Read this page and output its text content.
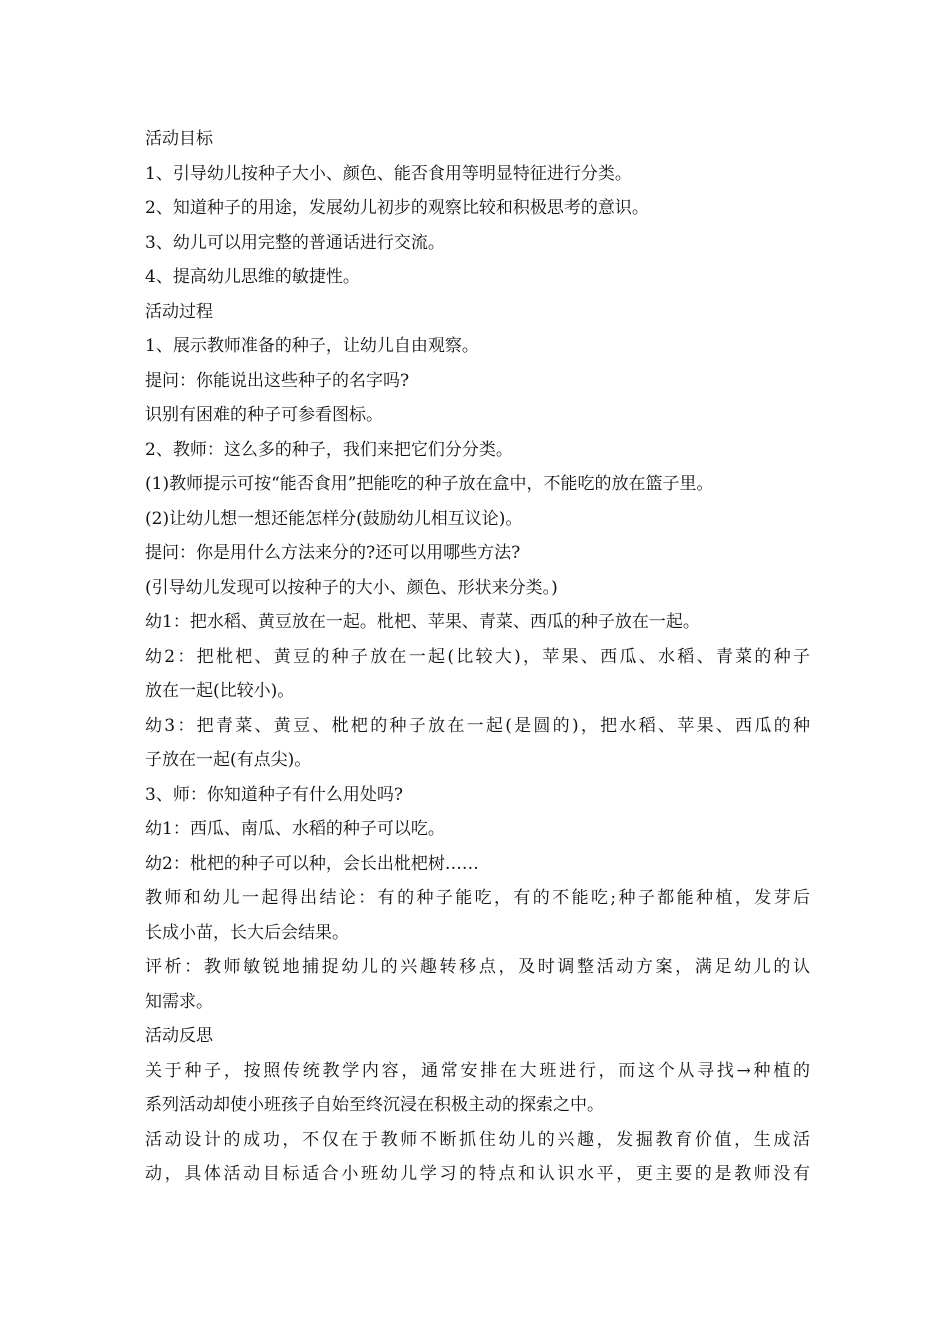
活动目标
1、引导幼儿按种子大小、颜色、能否食用等明显特征进行分类。
2、知道种子的用途，发展幼儿初步的观察比较和积极思考的意识。
3、幼儿可以用完整的普通话进行交流。
4、提高幼儿思维的敏捷性。
活动过程
1、展示教师准备的种子，让幼儿自由观察。
提问：你能说出这些种子的名字吗?
识别有困难的种子可参看图标。
2、教师：这么多的种子，我们来把它们分分类。
(1)教师提示可按“能否食用”把能吃的种子放在盒中，不能吃的放在篮子里。
(2)让幼儿想一想还能怎样分(鼓励幼儿相互议论)。
提问：你是用什么方法来分的?还可以用哪些方法?
(引导幼儿发现可以按种子的大小、颜色、形状来分类。)
幼1：把水稻、黄豆放在一起。枇杷、苹果、青菜、西瓜的种子放在一起。
幼2：把枇杷、黄豆的种子放在一起(比较大)，苹果、西瓜、水稻、青菜的种子
放在一起(比较小)。
幼3：把青菜、黄豆、枇杷的种子放在一起(是圆的)，把水稻、苹果、西瓜的种
子放在一起(有点尖)。
3、师：你知道种子有什么用处吗?
幼1：西瓜、南瓜、水稻的种子可以吃。
幼2：枇杷的种子可以种，会长出枇杷树……
教师和幼儿一起得出结论：有的种子能吃，有的不能吃;种子都能种植，发芽后
长成小苗，长大后会结果。
评析：教师敏锐地捕捉幼儿的兴趣转移点，及时调整活动方案，满足幼儿的认
知需求。
活动反思
关于种子，按照传统教学内容，通常安排在大班进行，而这个从寻找→种植的
系列活动却使小班孩子自始至终沉浸在积极主动的探索之中。
活动设计的成功，不仅在于教师不断抓住幼儿的兴趣，发掘教育价值，生成活
动，具体活动目标适合小班幼儿学习的特点和认识水平，更主要的是教师没有
